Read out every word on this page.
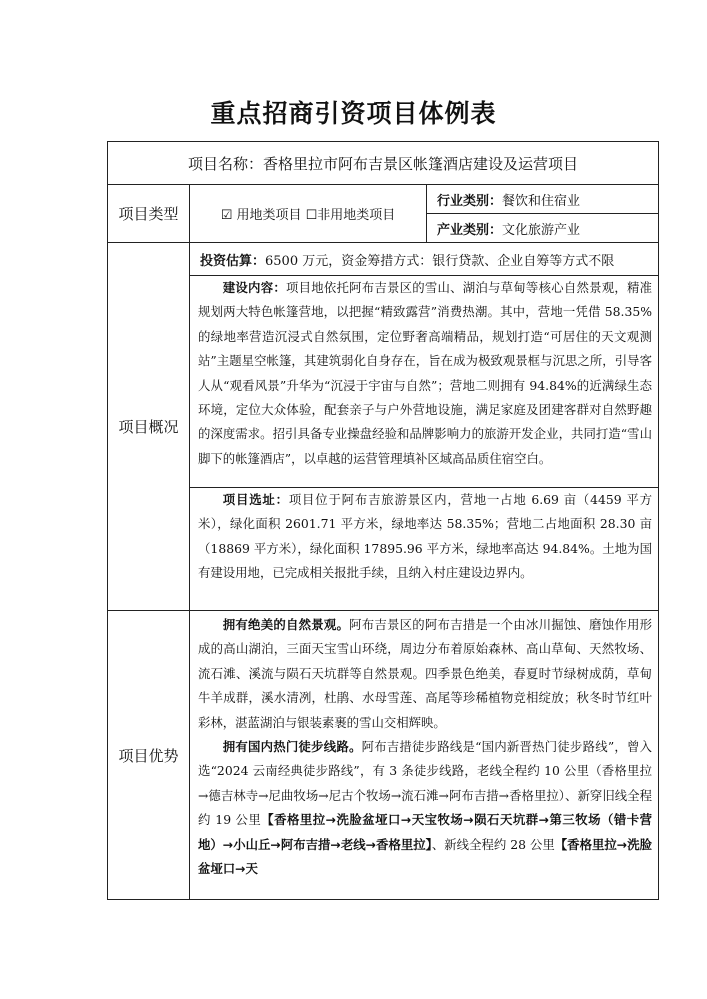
重点招商引资项目体例表
项目名称：香格里拉市阿布吉景区帐篷酒店建设及运营项目		
项目类型	☑ 用地类项目 ☐非用地类项目	行业类别：餐饮和住宿业
		产业类别：文化旅游产业
项目概况	投资估算：6500 万元，资金筹措方式：银行贷款、企业自筹等方式不限	

	建设内容：项目地依托阿布吉景区的雪山、湖泊与草甸等核心自然景观，精准规划两大特色帐篷营地，以把握“精致露营”消费热潮。其中，营地一凭借 58.35%的绿地率营造沉浸式自然氛围，定位野奢高端精品，规划打造“可居住的天文观测站”主题星空帐篷，其建筑弱化自身存在，旨在成为极致观景框与沉思之所，引导客人从“观看风景”升华为“沉浸于宇宙与自然”；营地二则拥有 94.84%的近满绿生态环境，定位大众体验，配套亲子与户外营地设施，满足家庭及团建客群对自然野趣的深度需求。招引具备专业操盘经验和品牌影响力的旅游开发企业，共同打造“雪山脚下的帐篷酒店”，以卓越的运营管理填补区域高品质住宿空白。	

	项目选址：项目位于阿布吉旅游景区内，营地一占地 6.69 亩（4459 平方米），绿化面积 2601.71 平方米，绿地率达 58.35%；营地二占地面积 28.30 亩（18869 平方米），绿化面积 17895.96 平方米，绿地率高达 94.84%。土地为国有建设用地，已完成相关报批手续，且纳入村庄建设边界内。	

项目优势	拥有绝美的自然景观。阿布吉景区的阿布吉措是一个由冰川掘蚀、磨蚀作用形成的高山湖泊，三面天宝雪山环绕，周边分布着原始森林、高山草甸、天然牧场、流石滩、溪流与陨石天坑群等自然景观。四季景色绝美，春夏时节绿树成荫，草甸牛羊成群，溪水清冽，杜鹃、水母雪莲、高尾等珍稀植物竞相绽放；秋冬时节红叶彩林，湛蓝湖泊与银装素裹的雪山交相辉映。

拥有国内热门徒步线路。阿布吉措徒步路线是“国内新晋热门徒步路线”，曾入选“2024 云南经典徒步路线”，有 3 条徒步线路，老线全程约 10 公里（香格里拉→德吉林寺→尼曲牧场→尼古个牧场→流石滩→阿布吉措→香格里拉）、新穿旧线全程约 19 公里【香格里拉→洗脸盆垭口→天宝牧场→陨石天坑群→第三牧场（错卡营地）→小山丘→阿布吉措→老线→香格里拉】、新线全程约 28 公里【香格里拉→洗脸盆垭口→天	
